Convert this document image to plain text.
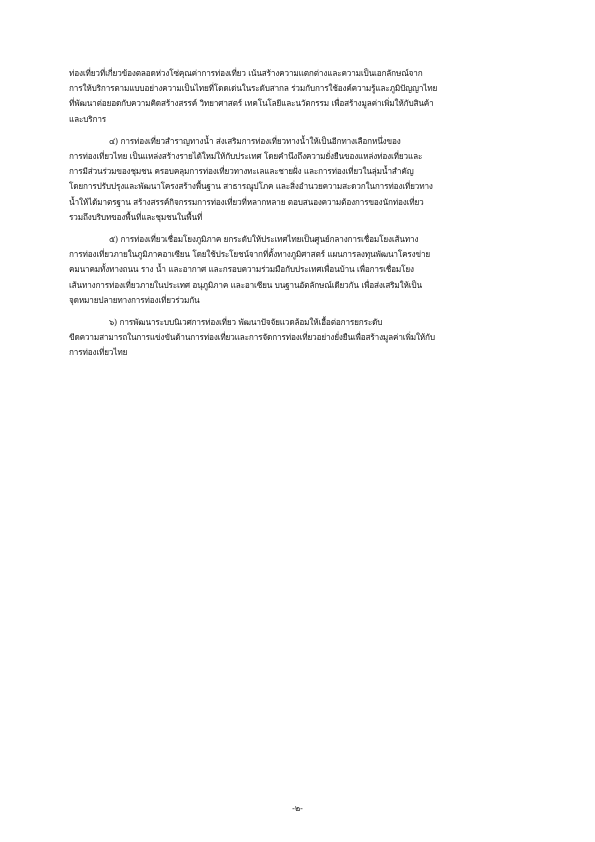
ท่องเที่ยวที่เกี่ยวข้องตลอดห่วงโซ่คุณค่าการท่องเที่ยว เน้นสร้างความแตกต่างและความเป็นเอกลักษณ์จาก
การให้บริการตามแบบอย่างความเป็นไทยที่โดดเด่นในระดับสากล ร่วมกับการใช้องค์ความรู้และภูมิปัญญาไทย
ที่พัฒนาต่อยอดกับความคิดสร้างสรรค์ วิทยาศาสตร์ เทคโนโลยีและนวัตกรรม เพื่อสร้างมูลค่าเพิ่มให้กับสินค้า
และบริการ
๔) การท่องเที่ยวสำราญทางน้ำ ส่งเสริมการท่องเที่ยวทางน้ำให้เป็นอีกทางเลือกหนึ่งของ
การท่องเที่ยวไทย เป็นแหล่งสร้างรายได้ใหม่ให้กับประเทศ โดยคำนึงถึงความยั่งยืนของแหล่งท่องเที่ยวและ
การมีส่วนร่วมของชุมชน ครอบคลุมการท่องเที่ยวทางทะเลและชายฝั่ง และการท่องเที่ยวในลุ่มน้ำสำคัญ
โดยการปรับปรุงและพัฒนาโครงสร้างพื้นฐาน สาธารณูปโภค และสิ่งอำนวยความสะดวกในการท่องเที่ยวทาง
น้ำให้ได้มาตรฐาน สร้างสรรค์กิจกรรมการท่องเที่ยวที่หลากหลาย ตอบสนองความต้องการของนักท่องเที่ยว
รวมถึงบริบทของพื้นที่และชุมชนในพื้นที่
๕) การท่องเที่ยวเชื่อมโยงภูมิภาค ยกระดับให้ประเทศไทยเป็นศูนย์กลางการเชื่อมโยงเส้นทาง
การท่องเที่ยวภายในภูมิภาคอาเซียน โดยใช้ประโยชน์จากที่ตั้งทางภูมิศาสตร์ แผนการลงทุนพัฒนาโครงข่าย
คมนาคมทั้งทางถนน ราง น้ำ และอากาศ และกรอบความร่วมมือกับประเทศเพื่อนบ้าน เพื่อการเชื่อมโยง
เส้นทางการท่องเที่ยวภายในประเทศ อนุภูมิภาค และอาเซียน บนฐานอัตลักษณ์เดียวกัน เพื่อส่งเสริมให้เป็น
จุดหมายปลายทางการท่องเที่ยวร่วมกัน
๖) การพัฒนาระบบนิเวศการท่องเที่ยว พัฒนาปัจจัยแวดล้อมให้เอื้อต่อการยกระดับ
ขีดความสามารถในการแข่งขันด้านการท่องเที่ยวและการจัดการท่องเที่ยวอย่างยั่งยืนเพื่อสร้างมูลค่าเพิ่มให้กับ
การท่องเที่ยวไทย
-๒-
